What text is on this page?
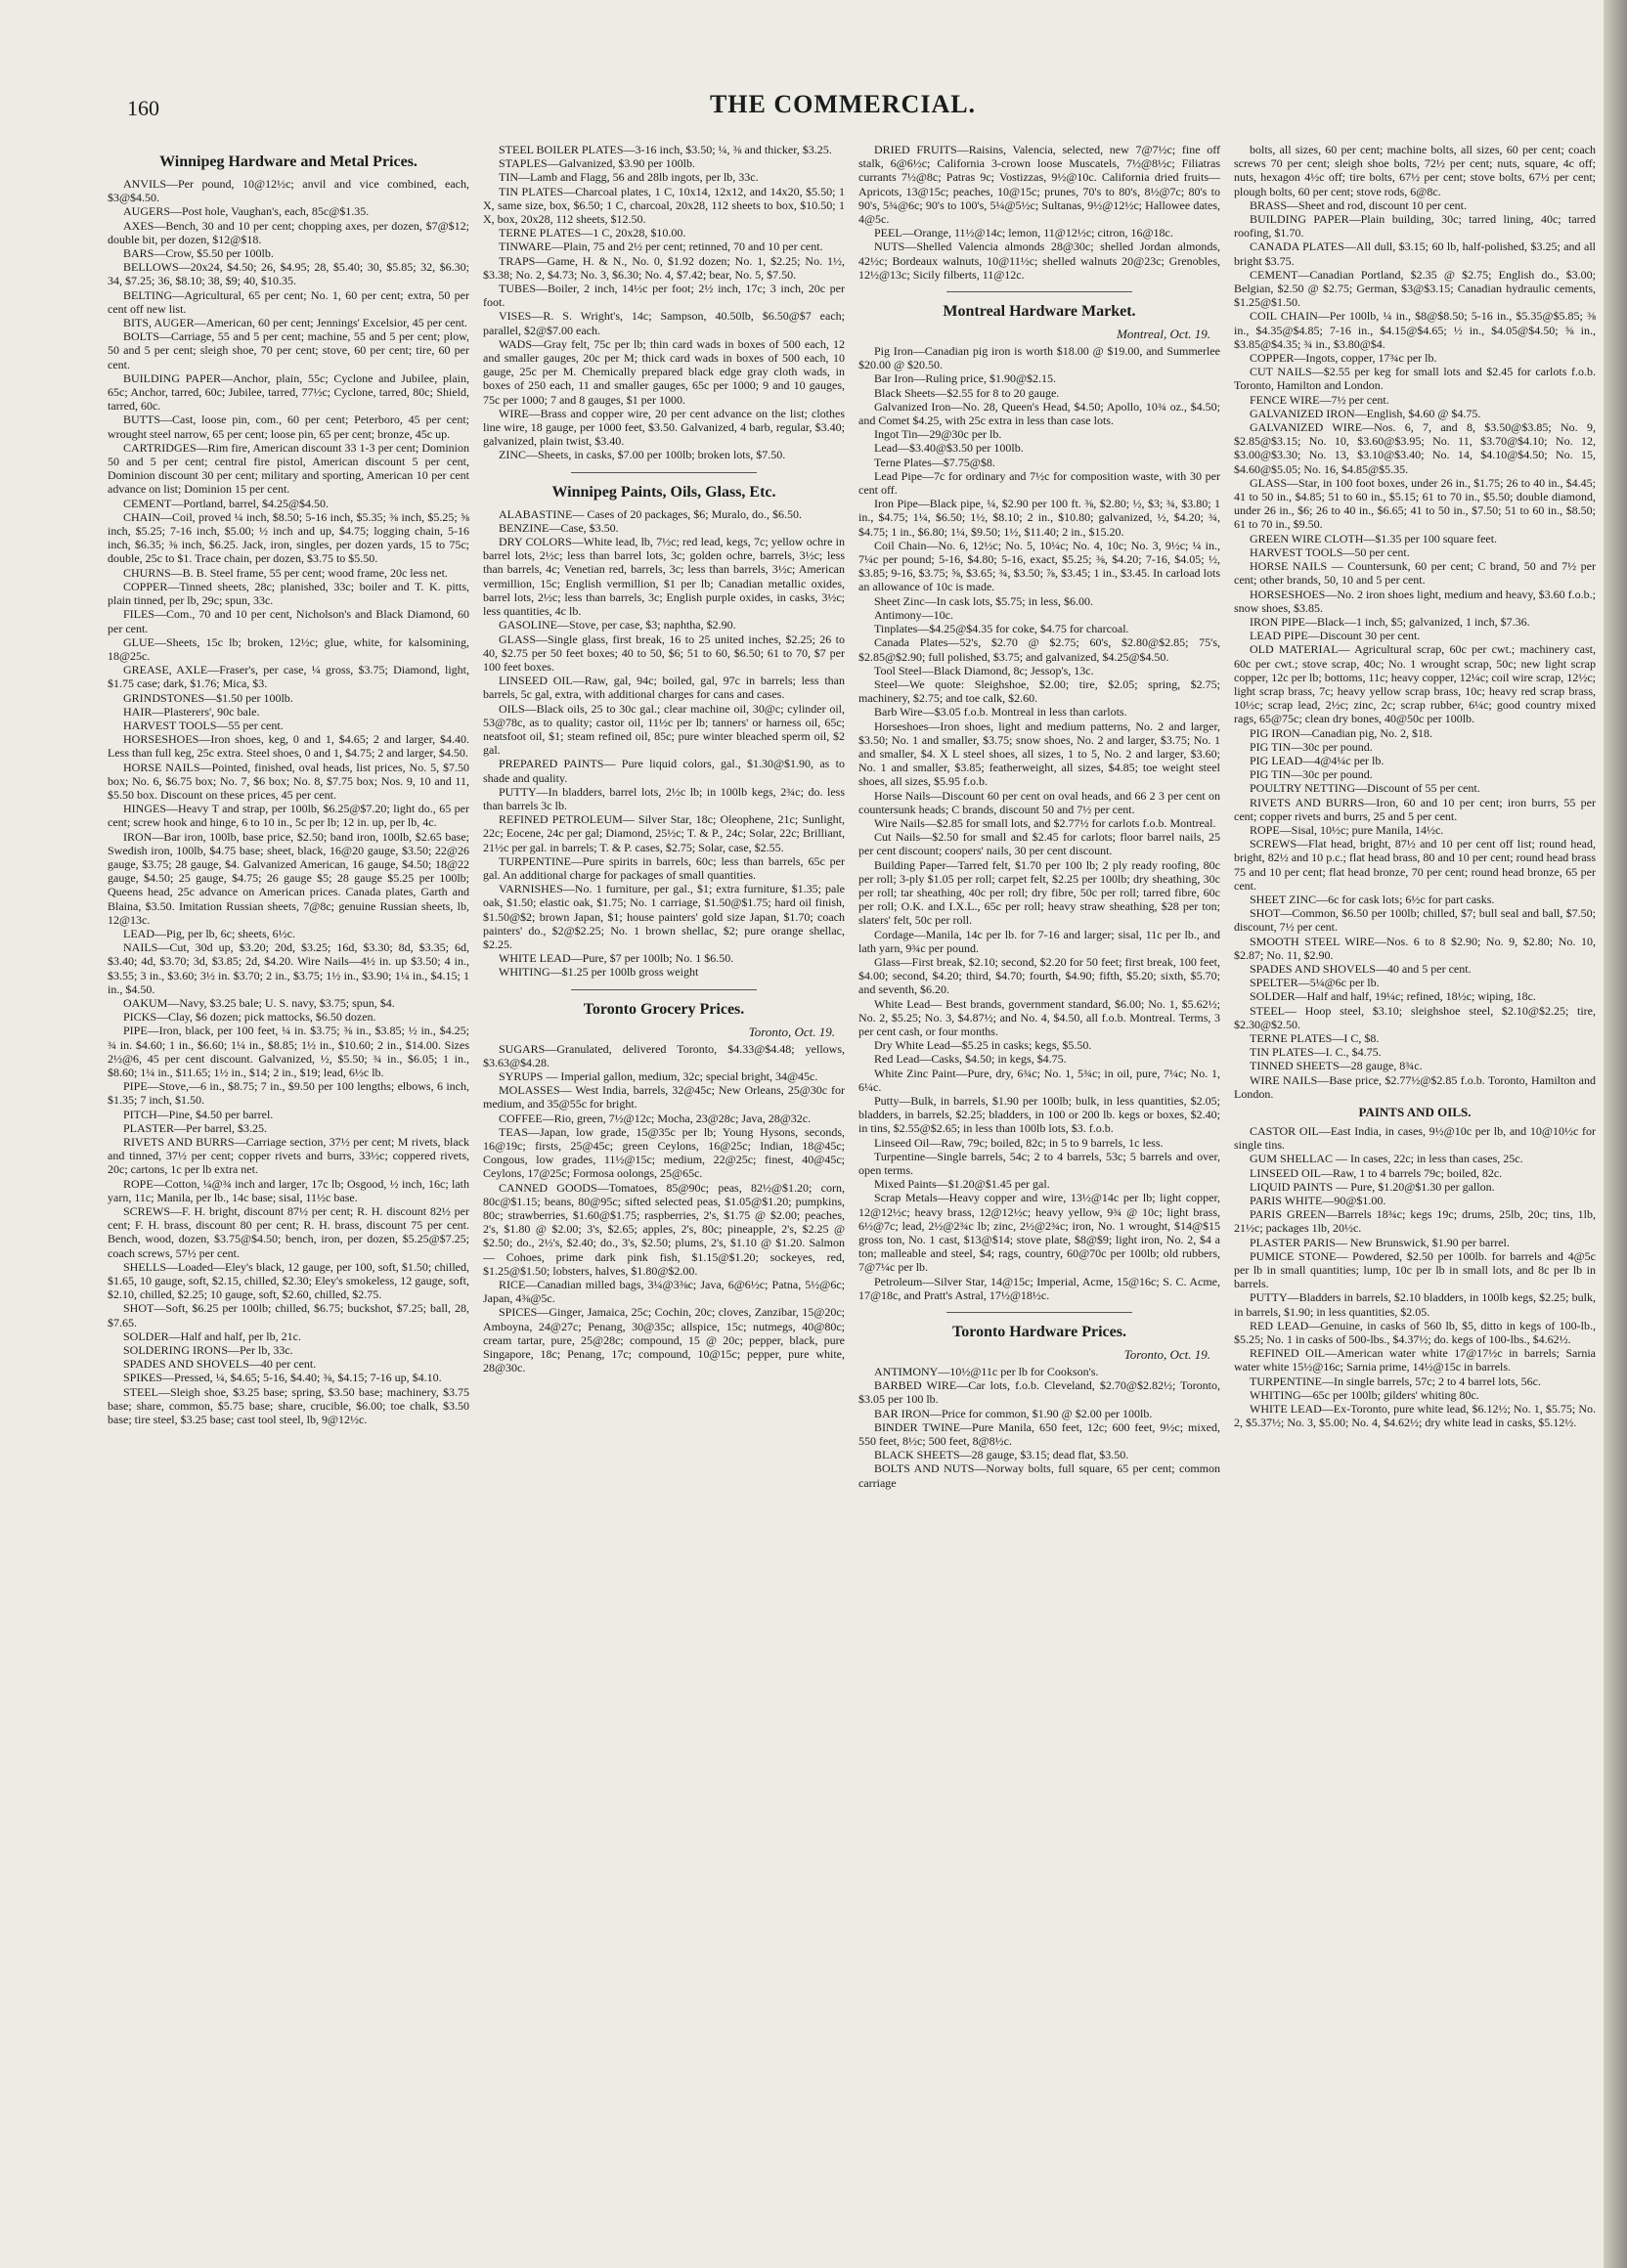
160	THE COMMERCIAL.
Winnipeg Hardware and Metal Prices.

ANVILS—Per pound, 10@12½c; anvil and vice combined, each, $3@$4.50.

AUGERS—Post hole, Vaughan's, each, 85c@$1.35.

AXES—Bench, 30 and 10 per cent; chopping axes, per dozen, $7@$12; double bit, per dozen, $12@$18.

BARS—Crow, $5.50 per 100lb.

BELLOWS—20x24, $4.50; 26, $4.95; 28, $5.40; 30, $5.85; 32, $6.30; 34, $7.25; 36, $8.10; 38, $9; 40, $10.35.

BELTING—Agricultural, 65 per cent; No. 1, 60 per cent; extra, 50 per cent off new list.

BITS, AUGER—American, 60 per cent; Jennings' Excelsior, 45 per cent.

BOLTS—Carriage, 55 and 5 per cent; machine, 55 and 5 per cent; plow, 50 and 5 per cent; sleigh shoe, 70 per cent; stove, 60 per cent; tire, 60 per cent.

BUILDING PAPER—Anchor, plain, 55c; Cyclone and Jubilee, plain, 65c; Anchor, tarred, 60c; Jubilee, tarred, 77½c; Cyclone, tarred, 80c; Shield, tarred, 60c.

BUTTS—Cast, loose pin, com., 60 per cent; Peterboro, 45 per cent; wrought steel narrow, 65 per cent; loose pin, 65 per cent; bronze, 45c up.

CARTRIDGES—Rim fire, American discount 33 1-3 per cent; Dominion 50 and 5 per cent; central fire pistol, American discount 5 per cent, Dominion discount 30 per cent; military and sporting, American 10 per cent advance on list; Dominion 15 per cent.

CEMENT—Portland, barrel, $4.25@$4.50.

CHAIN—Coil, proved ¼ inch, $8.50; 5-16 inch, $5.35; ⅜ inch, $5.25; ⅝ inch, $5.25; 7-16 inch, $5.00; ½ inch and up, $4.75; logging chain, 5-16 inch, $6.35; ⅜ inch, $6.25. Jack, iron, singles, per dozen yards, 15 to 75c; double, 25c to $1. Trace chain, per dozen, $3.75 to $5.50.

CHURNS—B. B. Steel frame, 55 per cent; wood frame, 20c less net.

COPPER—Tinned sheets, 28c; planished, 33c; boiler and T. K. pitts, plain tinned, per lb, 29c; spun, 33c.

FILES—Com., 70 and 10 per cent, Nicholson's and Black Diamond, 60 per cent.

GLUE—Sheets, 15c lb; broken, 12½c; glue, white, for kalsomining, 18@25c.

GREASE, AXLE—Fraser's, per case, ¼ gross, $3.75; Diamond, light, $1.75 case; dark, $1.76; Mica, $3.

GRINDSTONES—$1.50 per 100lb.

HAIR—Plasterers', 90c bale.

HARVEST TOOLS—55 per cent.

HORSESHOES—Iron shoes, keg, 0 and 1, $4.65; 2 and larger, $4.40. Less than full keg, 25c extra. Steel shoes, 0 and 1, $4.75; 2 and larger, $4.50.

HORSE NAILS—Pointed, finished, oval heads, list prices, No. 5, $7.50 box; No. 6, $6.75 box; No. 7, $6 box; No. 8, $7.75 box; Nos. 9, 10 and 11, $5.50 box. Discount on these prices, 45 per cent.

HINGES—Heavy T and strap, per 100lb, $6.25@$7.20; light do., 65 per cent; screw hook and hinge, 6 to 10 in., 5c per lb; 12 in. up, per lb, 4c.

IRON—Bar iron, 100lb, base price, $2.50; band iron, 100lb, $2.65 base; Swedish iron, 100lb, $4.75 base; sheet, black, 16@20 gauge, $3.50; 22@26 gauge, $3.75; 28 gauge, $4. Galvanized American, 16 gauge, $4.50; 18@22 gauge, $4.50; 25 gauge, $4.75; 26 gauge $5; 28 gauge $5.25 per 100lb; Queens head, 25c advance on American prices. Canada plates, Garth and Blaina, $3.50. Imitation Russian sheets, 7@8c; genuine Russian sheets, lb, 12@13c.

LEAD—Pig, per lb, 6c; sheets, 6½c.

NAILS—Cut, 30d up, $3.20; 20d, $3.25; 16d, $3.30; 8d, $3.35; 6d, $3.40; 4d, $3.70; 3d, $3.85; 2d, $4.20. Wire Nails—4½ in. up $3.50; 4 in., $3.55; 3 in., $3.60; 3½ in. $3.70; 2 in., $3.75; 1½ in., $3.90; 1¼ in., $4.15; 1 in., $4.50.

OAKUM—Navy, $3.25 bale; U. S. navy, $3.75; spun, $4.

PICKS—Clay, $6 dozen; pick mattocks, $6.50 dozen.

PIPE—Iron, black, per 100 feet, ¼ in. $3.75; ⅜ in., $3.85; ½ in., $4.25; ¾ in. $4.60; 1 in., $6.60; 1¼ in., $8.85; 1½ in., $10.60; 2 in., $14.00. Sizes 2½@6, 45 per cent discount. Galvanized, ½, $5.50; ¾ in., $6.05; 1 in., $8.60; 1¼ in., $11.65; 1½ in., $14; 2 in., $19; lead, 6½c lb.

PIPE—Stove,—6 in., $8.75; 7 in., $9.50 per 100 lengths; elbows, 6 inch, $1.35; 7 inch, $1.50.

PITCH—Pine, $4.50 per barrel.

PLASTER—Per barrel, $3.25.

RIVETS AND BURRS—Carriage section, 37½ per cent; M rivets, black and tinned, 37½ per cent; copper rivets and burrs, 33½c; coppered rivets, 20c; cartons, 1c per lb extra net.

ROPE—Cotton, ¼@¾ inch and larger, 17c lb; Osgood, ½ inch, 16c; lath yarn, 11c; Manila, per lb., 14c base; sisal, 11½c base.

SCREWS—F. H. bright, discount 87½ per cent; R. H. discount 82½ per cent; F. H. brass, discount 80 per cent; R. H. brass, discount 75 per cent. Bench, wood, dozen, $3.75@$4.50; bench, iron, per dozen, $5.25@$7.25; coach screws, 57½ per cent.

SHELLS—Loaded—Eley's black, 12 gauge, per 100, soft, $1.50; chilled, $1.65, 10 gauge, soft, $2.15, chilled, $2.30; Eley's smokeless, 12 gauge, soft, $2.10, chilled, $2.25; 10 gauge, soft, $2.60, chilled, $2.75.

SHOT—Soft, $6.25 per 100lb; chilled, $6.75; buckshot, $7.25; ball, 28, $7.65.

SOLDER—Half and half, per lb, 21c.

SOLDERING IRONS—Per lb, 33c.

SPADES AND SHOVELS—40 per cent.

SPIKES—Pressed, ¼, $4.65; 5-16, $4.40; ⅜, $4.15; 7-16 up, $4.10.

STEEL—Sleigh shoe, $3.25 base; spring, $3.50 base; machinery, $3.75 base; share, common, $5.75 base; share, crucible, $6.00; toe chalk, $3.50 base; tire steel, $3.25 base; cast tool steel, lb, 9@12½c.

STEEL BOILER PLATES—3-16 inch, $3.50; ¼, ⅜ and thicker, $3.25.

STAPLES—Galvanized, $3.90 per 100lb.

TIN—Lamb and Flagg, 56 and 28lb ingots, per lb, 33c.

TIN PLATES—Charcoal plates, 1 C, 10x14, 12x12, and 14x20, $5.50; 1 X, same size, box, $6.50; 1 C, charcoal, 20x28, 112 sheets to box, $10.50; 1 X, box, 20x28, 112 sheets, $12.50.

TERNE PLATES—1 C, 20x28, $10.00.

TINWARE—Plain, 75 and 2½ per cent; retinned, 70 and 10 per cent.

TRAPS—Game, H. & N., No. 0, $1.92 dozen; No. 1, $2.25; No. 1½, $3.38; No. 2, $4.73; No. 3, $6.30; No. 4, $7.42; bear, No. 5, $7.50.

TUBES—Boiler, 2 inch, 14½c per foot; 2½ inch, 17c; 3 inch, 20c per foot.

VISES—R. S. Wright's, 14c; Sampson, 40.50lb, $6.50@$7 each; parallel, $2@$7.00 each.

WADS—Gray felt, 75c per lb; thin card wads in boxes of 500 each, 12 and smaller gauges, 20c per M; thick card wads in boxes of 500 each, 10 gauge, 25c per M. Chemically prepared black edge gray cloth wads, in boxes of 250 each, 11 and smaller gauges, 65c per 1000; 9 and 10 gauges, 75c per 1000; 7 and 8 gauges, $1 per 1000.

WIRE—Brass and copper wire, 20 per cent advance on the list; clothes line wire, 18 gauge, per 1000 feet, $3.50. Galvanized, 4 barb, regular, $3.40; galvanized, plain twist, $3.40.

ZINC—Sheets, in casks, $7.00 per 100lb; broken lots, $7.50.

Winnipeg Paints, Oils, Glass, Etc.

ALABASTINE— Cases of 20 packages, $6; Muralo, do., $6.50.

BENZINE—Case, $3.50.

DRY COLORS—White lead, lb, 7½c; red lead, kegs, 7c; yellow ochre in barrel lots, 2½c; less than barrel lots, 3c; golden ochre, barrels, 3½c; less than barrels, 4c; Venetian red, barrels, 3c; less than barrels, 3½c; American vermillion, 15c; English vermillion, $1 per lb; Canadian metallic oxides, barrel lots, 2½c; less than barrels, 3c; English purple oxides, in casks, 3½c; less quantities, 4c lb.

GASOLINE—Stove, per case, $3; naphtha, $2.90.

GLASS—Single glass, first break, 16 to 25 united inches, $2.25; 26 to 40, $2.75 per 50 feet boxes; 40 to 50, $6; 51 to 60, $6.50; 61 to 70, $7 per 100 feet boxes.

LINSEED OIL—Raw, gal, 94c; boiled, gal, 97c in barrels; less than barrels, 5c gal, extra, with additional charges for cans and cases.

OILS—Black oils, 25 to 30c gal.; clear machine oil, 30@c; cylinder oil, 53@78c, as to quality; castor oil, 11½c per lb; tanners' or harness oil, 65c; neatsfoot oil, $1; steam refined oil, 85c; pure winter bleached sperm oil, $2 gal.

PREPARED PAINTS— Pure liquid colors, gal., $1.30@$1.90, as to shade and quality.

PUTTY—In bladders, barrel lots, 2½c lb; in 100lb kegs, 2¾c; do. less than barrels 3c lb.

REFINED PETROLEUM— Silver Star, 18c; Oleophene, 21c; Sunlight, 22c; Eocene, 24c per gal; Diamond, 25½c; T. & P., 24c; Solar, 22c; Brilliant, 21½c per gal. in barrels; T. & P. cases, $2.75; Solar, case, $2.55.

TURPENTINE—Pure spirits in barrels, 60c; less than barrels, 65c per gal. An additional charge for packages of small quantities.

VARNISHES—No. 1 furniture, per gal., $1; extra furniture, $1.35; pale oak, $1.50; elastic oak, $1.75; No. 1 carriage, $1.50@$1.75; hard oil finish, $1.50@$2; brown Japan, $1; house painters' gold size Japan, $1.70; coach painters' do., $2@$2.25; No. 1 brown shellac, $2; pure orange shellac, $2.25.

WHITE LEAD—Pure, $7 per 100lb; No. 1 $6.50.

WHITING—$1.25 per 100lb gross weight

Toronto Grocery Prices.
Toronto, Oct. 19.

SUGARS—Granulated, delivered Toronto, $4.33@$4.48; yellows, $3.63@$4.28.

SYRUPS — Imperial gallon, medium, 32c; special bright, 34@45c.

MOLASSES— West India, barrels, 32@45c; New Orleans, 25@30c for medium, and 35@55c for bright.

COFFEE—Rio, green, 7½@12c; Mocha, 23@28c; Java, 28@32c.

TEAS—Japan, low grade, 15@35c per lb; Young Hysons, seconds, 16@19c; firsts, 25@45c; green Ceylons, 16@25c; Indian, 18@45c; Congous, low grades, 11½@15c; medium, 22@25c; finest, 40@45c; Ceylons, 17@25c; Formosa oolongs, 25@65c.

CANNED GOODS—Tomatoes, 85@90c; peas, 82½@$1.20; corn, 80c@$1.15; beans, 80@95c; sifted selected peas, $1.05@$1.20; pumpkins, 80c; strawberries, $1.60@$1.75; raspberries, 2's, $1.75 @ $2.00; peaches, 2's, $1.80 @ $2.00; 3's, $2.65; apples, 2's, 80c; pineapple, 2's, $2.25 @ $2.50; do., 2½'s, $2.40; do., 3's, $2.50; plums, 2's, $1.10 @ $1.20. Salmon — Cohoes, prime dark pink fish, $1.15@$1.20; sockeyes, red, $1.25@$1.50; lobsters, halves, $1.80@$2.00.

RICE—Canadian milled bags, 3¼@3⅜c; Java, 6@6½c; Patna, 5½@6c; Japan, 4⅜@5c.

SPICES—Ginger, Jamaica, 25c; Cochin, 20c; cloves, Zanzibar, 15@20c; Amboyna, 24@27c; Penang, 30@35c; allspice, 15c; nutmegs, 40@80c; cream tartar, pure, 25@28c; compound, 15 @ 20c; pepper, black, pure Singapore, 18c; Penang, 17c; compound, 10@15c; pepper, pure white, 28@30c.

DRIED FRUITS—Raisins, Valencia, selected, new 7@7½c; fine off stalk, 6@6½c; California 3-crown loose Muscatels, 7½@8½c; Filiatras currants 7½@8c; Patras 9c; Vostizzas, 9½@10c. California dried fruits—Apricots, 13@15c; peaches, 10@15c; prunes, 70's to 80's, 8½@7c; 80's to 90's, 5¾@6c; 90's to 100's, 5¼@5½c; Sultanas, 9½@12½c; Hallowee dates, 4@5c.

PEEL—Orange, 11½@14c; lemon, 11@12½c; citron, 16@18c.

NUTS—Shelled Valencia almonds 28@30c; shelled Jordan almonds, 42½c; Bordeaux walnuts, 10@11½c; shelled walnuts 20@23c; Grenobles, 12½@13c; Sicily filberts, 11@12c.

Montreal Hardware Market.
Montreal, Oct. 19.

Pig Iron—Canadian pig iron is worth $18.00 @ $19.00, and Summerlee $20.00 @ $20.50.

Bar Iron—Ruling price, $1.90@$2.15.

Black Sheets—$2.55 for 8 to 20 gauge.

Galvanized Iron—No. 28, Queen's Head, $4.50; Apollo, 10¾ oz., $4.50; and Comet $4.25, with 25c extra in less than case lots.

Ingot Tin—29@30c per lb.

Lead—$3.40@$3.50 per 100lb.

Terne Plates—$7.75@$8.

Lead Pipe—7c for ordinary and 7½c for composition waste, with 30 per cent off.

Iron Pipe—Black pipe, ¼, $2.90 per 100 ft. ⅜, $2.80; ½, $3; ¾, $3.80; 1 in., $4.75; 1¼, $6.50; 1½, $8.10; 2 in., $10.80; galvanized, ½, $4.20; ¾, $4.75; 1 in., $6.80; 1¼, $9.50; 1½, $11.40; 2 in., $15.20.

Coil Chain—No. 6, 12½c; No. 5, 10¼c; No. 4, 10c; No. 3, 9½c; ¼ in., 7¼c per pound; 5-16, $4.80; 5-16, exact, $5.25; ⅜, $4.20; 7-16, $4.05; ½, $3.85; 9-16, $3.75; ⅝, $3.65; ¾, $3.50; ⅞, $3.45; 1 in., $3.45. In carload lots an allowance of 10c is made.

Sheet Zinc—In cask lots, $5.75; in less, $6.00.

Antimony—10c.

Tinplates—$4.25@$4.35 for coke, $4.75 for charcoal.

Canada Plates—52's, $2.70 @ $2.75; 60's, $2.80@$2.85; 75's, $2.85@$2.90; full polished, $3.75; and galvanized, $4.25@$4.50.

Tool Steel—Black Diamond, 8c; Jessop's, 13c.

Steel—We quote: Sleighshoe, $2.00; tire, $2.05; spring, $2.75; machinery, $2.75; and toe calk, $2.60.

Barb Wire—$3.05 f.o.b. Montreal in less than carlots.

Horseshoes—Iron shoes, light and medium patterns, No. 2 and larger, $3.50; No. 1 and smaller, $3.75; snow shoes, No. 2 and larger, $3.75; No. 1 and smaller, $4. X L steel shoes, all sizes, 1 to 5, No. 2 and larger, $3.60; No. 1 and smaller, $3.85; featherweight, all sizes, $4.85; toe weight steel shoes, all sizes, $5.95 f.o.b.

Horse Nails—Discount 60 per cent on oval heads, and 66 2 3 per cent on countersunk heads; C brands, discount 50 and 7½ per cent.

Wire Nails—$2.85 for small lots, and $2.77½ for carlots f.o.b. Montreal.

Cut Nails—$2.50 for small and $2.45 for carlots; floor barrel nails, 25 per cent discount; coopers' nails, 30 per cent discount.

Building Paper—Tarred felt, $1.70 per 100 lb; 2 ply ready roofing, 80c per roll; 3-ply $1.05 per roll; carpet felt, $2.25 per 100lb; dry sheathing, 30c per roll; tar sheathing, 40c per roll; dry fibre, 50c per roll; tarred fibre, 60c per roll; O.K. and I.X.L., 65c per roll; heavy straw sheathing, $28 per ton; slaters' felt, 50c per roll.

Cordage—Manila, 14c per lb. for 7-16 and larger; sisal, 11c per lb., and lath yarn, 9¾c per pound.

Glass—First break, $2.10; second, $2.20 for 50 feet; first break, 100 feet, $4.00; second, $4.20; third, $4.70; fourth, $4.90; fifth, $5.20; sixth, $5.70; and seventh, $6.20.

White Lead— Best brands, government standard, $6.00; No. 1, $5.62½; No. 2, $5.25; No. 3, $4.87½; and No. 4, $4.50, all f.o.b. Montreal. Terms, 3 per cent cash, or four months.

Dry White Lead—$5.25 in casks; kegs, $5.50.

Red Lead—Casks, $4.50; in kegs, $4.75.

White Zinc Paint—Pure, dry, 6¾c; No. 1, 5¾c; in oil, pure, 7¼c; No. 1, 6¼c.

Putty—Bulk, in barrels, $1.90 per 100lb; bulk, in less quantities, $2.05; bladders, in barrels, $2.25; bladders, in 100 or 200 lb. kegs or boxes, $2.40; in tins, $2.55@$2.65; in less than 100lb lots, $3. f.o.b.

Linseed Oil—Raw, 79c; boiled, 82c; in 5 to 9 barrels, 1c less.

Turpentine—Single barrels, 54c; 2 to 4 barrels, 53c; 5 barrels and over, open terms.

Mixed Paints—$1.20@$1.45 per gal.

Scrap Metals—Heavy copper and wire, 13½@14c per lb; light copper, 12@12½c; heavy brass, 12@12½c; heavy yellow, 9¾ @ 10c; light brass, 6½@7c; lead, 2½@2¾c lb; zinc, 2½@2¾c; iron, No. 1 wrought, $14@$15 gross ton, No. 1 cast, $13@$14; stove plate, $8@$9; light iron, No. 2, $4 a ton; malleable and steel, $4; rags, country, 60@70c per 100lb; old rubbers, 7@7¼c per lb.

Petroleum—Silver Star, 14@15c; Imperial, Acme, 15@16c; S. C. Acme, 17@18c, and Pratt's Astral, 17½@18½c.

Toronto Hardware Prices.
Toronto, Oct. 19.

ANTIMONY—10½@11c per lb for Cookson's.

BARBED WIRE—Car lots, f.o.b. Cleveland, $2.70@$2.82½; Toronto, $3.05 per 100 lb.

BAR IRON—Price for common, $1.90 @ $2.00 per 100lb.

BINDER TWINE—Pure Manila, 650 feet, 12c; 600 feet, 9½c; mixed, 550 feet, 8½c; 500 feet, 8@8½c.

BLACK SHEETS—28 gauge, $3.15; dead flat, $3.50.

BOLTS AND NUTS—Norway bolts, full square, 65 per cent; common carriage

bolts, all sizes, 60 per cent; machine bolts, all sizes, 60 per cent; coach screws 70 per cent; sleigh shoe bolts, 72½ per cent; nuts, square, 4c off; nuts, hexagon 4½c off; tire bolts, 67½ per cent; stove bolts, 67½ per cent; plough bolts, 60 per cent; stove rods, 6@8c.

BRASS—Sheet and rod, discount 10 per cent.

BUILDING PAPER—Plain building, 30c; tarred lining, 40c; tarred roofing, $1.70.

CANADA PLATES—All dull, $3.15; 60 lb, half-polished, $3.25; and all bright $3.75.

CEMENT—Canadian Portland, $2.35 @ $2.75; English do., $3.00; Belgian, $2.50 @ $2.75; German, $3@$3.15; Canadian hydraulic cements, $1.25@$1.50.

COIL CHAIN—Per 100lb, ¼ in., $8@$8.50; 5-16 in., $5.35@$5.85; ⅜ in., $4.35@$4.85; 7-16 in., $4.15@$4.65; ½ in., $4.05@$4.50; ⅝ in., $3.85@$4.35; ¾ in., $3.80@$4.

COPPER—Ingots, copper, 17¾c per lb.

CUT NAILS—$2.55 per keg for small lots and $2.45 for carlots f.o.b. Toronto, Hamilton and London.

FENCE WIRE—7½ per cent.

GALVANIZED IRON—English, $4.60 @ $4.75.

GALVANIZED WIRE—Nos. 6, 7, and 8, $3.50@$3.85; No. 9, $2.85@$3.15; No. 10, $3.60@$3.95; No. 11, $3.70@$4.10; No. 12, $3.00@$3.30; No. 13, $3.10@$3.40; No. 14, $4.10@$4.50; No. 15, $4.60@$5.05; No. 16, $4.85@$5.35.

GLASS—Star, in 100 foot boxes, under 26 in., $1.75; 26 to 40 in., $4.45; 41 to 50 in., $4.85; 51 to 60 in., $5.15; 61 to 70 in., $5.50; double diamond, under 26 in., $6; 26 to 40 in., $6.65; 41 to 50 in., $7.50; 51 to 60 in., $8.50; 61 to 70 in., $9.50.

GREEN WIRE CLOTH—$1.35 per 100 square feet.

HARVEST TOOLS—50 per cent.

HORSE NAILS — Countersunk, 60 per cent; C brand, 50 and 7½ per cent; other brands, 50, 10 and 5 per cent.

HORSESHOES—No. 2 iron shoes light, medium and heavy, $3.60 f.o.b.; snow shoes, $3.85.

IRON PIPE—Black—1 inch, $5; galvanized, 1 inch, $7.36.

LEAD PIPE—Discount 30 per cent.

OLD MATERIAL— Agricultural scrap, 60c per cwt.; machinery cast, 60c per cwt.; stove scrap, 40c; No. 1 wrought scrap, 50c; new light scrap copper, 12c per lb; bottoms, 11c; heavy copper, 12¼c; coil wire scrap, 12½c; light scrap brass, 7c; heavy yellow scrap brass, 10c; heavy red scrap brass, 10½c; scrap lead, 2½c; zinc, 2c; scrap rubber, 6¼c; good country mixed rags, 65@75c; clean dry bones, 40@50c per 100lb.

PIG IRON—Canadian pig, No. 2, $18.

PIG TIN—30c per pound.

PIG LEAD—4@4¼c per lb.

PIG TIN—30c per pound.

POULTRY NETTING—Discount of 55 per cent.

RIVETS AND BURRS—Iron, 60 and 10 per cent; iron burrs, 55 per cent; copper rivets and burrs, 25 and 5 per cent.

ROPE—Sisal, 10½c; pure Manila, 14½c.

SCREWS—Flat head, bright, 87½ and 10 per cent off list; round head, bright, 82½ and 10 p.c.; flat head brass, 80 and 10 per cent; round head brass 75 and 10 per cent; flat head bronze, 70 per cent; round head bronze, 65 per cent.

SHEET ZINC—6c for cask lots; 6½c for part casks.

SHOT—Common, $6.50 per 100lb; chilled, $7; bull seal and ball, $7.50; discount, 7½ per cent.

SMOOTH STEEL WIRE—Nos. 6 to 8 $2.90; No. 9, $2.80; No. 10, $2.87; No. 11, $2.90.

SPADES AND SHOVELS—40 and 5 per cent.

SPELTER—5¼@6c per lb.

SOLDER—Half and half, 19¼c; refined, 18½c; wiping, 18c.

STEEL— Hoop steel, $3.10; sleighshoe steel, $2.10@$2.25; tire, $2.30@$2.50.

TERNE PLATES—I C, $8.

TIN PLATES—I. C., $4.75.

TINNED SHEETS—28 gauge, 8¾c.

WIRE NAILS—Base price, $2.77½@$2.85 f.o.b. Toronto, Hamilton and London.

PAINTS AND OILS.

CASTOR OIL—East India, in cases, 9½@10c per lb, and 10@10½c for single tins.

GUM SHELLAC — In cases, 22c; in less than cases, 25c.

LINSEED OIL—Raw, 1 to 4 barrels 79c; boiled, 82c.

LIQUID PAINTS — Pure, $1.20@$1.30 per gallon.

PARIS WHITE—90@$1.00.

PARIS GREEN—Barrels 18¾c; kegs 19c; drums, 25lb, 20c; tins, 1lb, 21½c; packages 1lb, 20½c.

PLASTER PARIS— New Brunswick, $1.90 per barrel.

PUMICE STONE— Powdered, $2.50 per 100lb. for barrels and 4@5c per lb in small quantities; lump, 10c per lb in small lots, and 8c per lb in barrels.

PUTTY—Bladders in barrels, $2.10 bladders, in 100lb kegs, $2.25; bulk, in barrels, $1.90; in less quantities, $2.05.

RED LEAD—Genuine, in casks of 560 lb, $5, ditto in kegs of 100-lb., $5.25; No. 1 in casks of 500-lbs., $4.37½; do. kegs of 100-lbs., $4.62½.

REFINED OIL—American water white 17@17½c in barrels; Sarnia water white 15½@16c; Sarnia prime, 14½@15c in barrels.

TURPENTINE—In single barrels, 57c; 2 to 4 barrel lots, 56c.

WHITING—65c per 100lb; gilders' whiting 80c.

WHITE LEAD—Ex-Toronto, pure white lead, $6.12½; No. 1, $5.75; No. 2, $5.37½; No. 3, $5.00; No. 4, $4.62½; dry white lead in casks, $5.12½.
